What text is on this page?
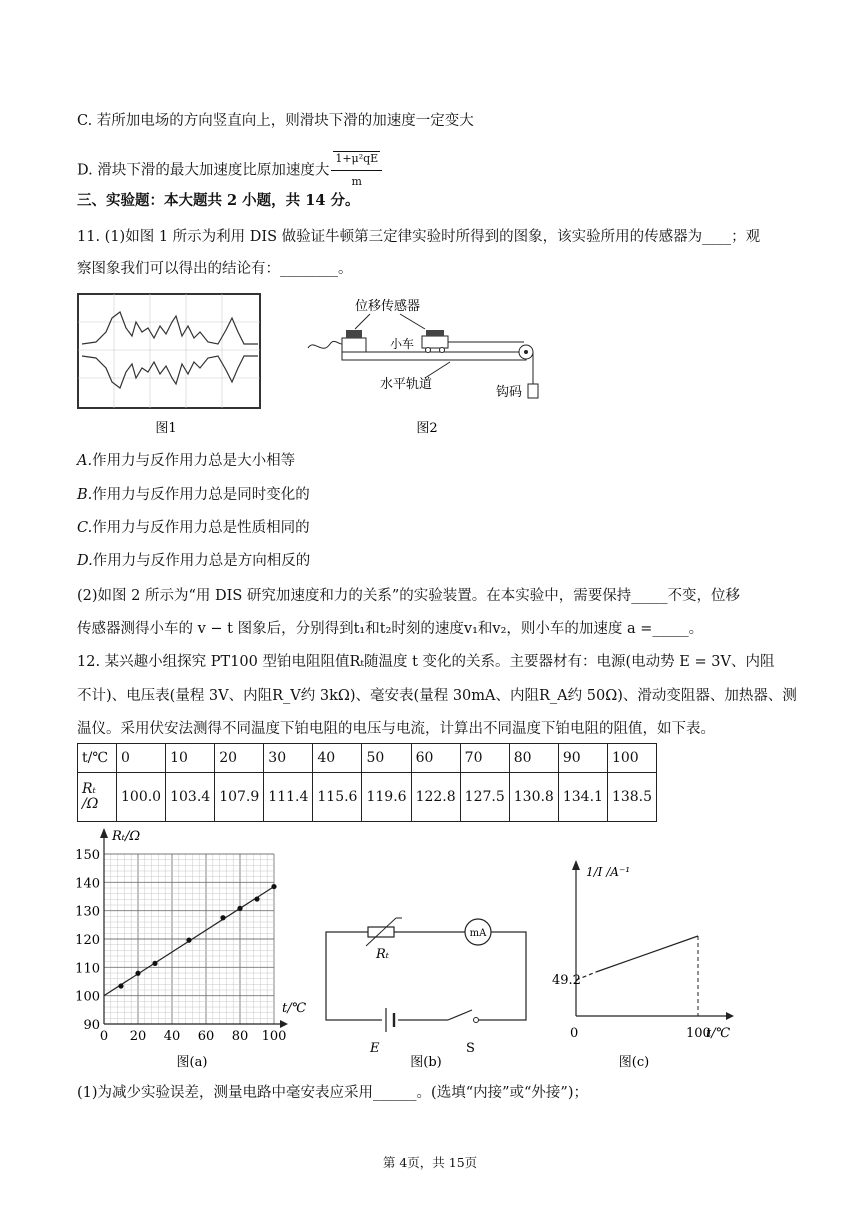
C. 若所加电场的方向竖直向上，则滑块下滑的加速度一定变大
D. 滑块下滑的最大加速度比原加速度大 $\frac{\text{1+μ²qE}}{m}$
三、实验题：本大题共 2 小题，共 14 分。
11. (1)如图 1 所示为利用 DIS 做验证牛顿第三定律实验时所得到的图象，该实验所用的传感器为____；观
察图象我们可以得出的结论有：________。
图1
位移传感器
小车
水平轨道
钩码
图2
A.作用力与反作用力总是大小相等
B.作用力与反作用力总是同时变化的
C.作用力与反作用力总是性质相同的
D.作用力与反作用力总是方向相反的
(2)如图 2 所示为“用 DIS 研究加速度和力的关系”的实验装置。在本实验中，需要保持_____不变，位移
传感器测得小车的 v − t 图象后，分别得到t₁和t₂时刻的速度v₁和v₂，则小车的加速度 a =_____。
12. 某兴趣小组探究 PT100 型铂电阻阻值Rₜ随温度 t 变化的关系。主要器材有：电源(电动势 E = 3V、内阻
不计)、电压表(量程 3V、内阻R_V约 3kΩ)、毫安表(量程 30mA、内阻R_A约 50Ω)、滑动变阻器、加热器、测
温仪。采用伏安法测得不同温度下铂电阻的电压与电流，计算出不同温度下铂电阻的阻值，如下表。
t/℃	0	10	20	30	40	50	60	70	80	90	100
Rₜ
/Ω	100.0	103.4	107.9	111.4	115.6	119.6	122.8	127.5	130.8	134.1	138.5
Rₜ/Ω
t/℃
150
140
130
120
110
100
90
0 20 40 60 80 100
图(a)
Rₜ
mA
E	S
图(b)
1/I /A⁻¹
49.2
0	100
t/℃
图(c)
(1)为减少实验误差，测量电路中毫安表应采用______。(选填“内接”或“外接”)；
第 4页，共 15页
